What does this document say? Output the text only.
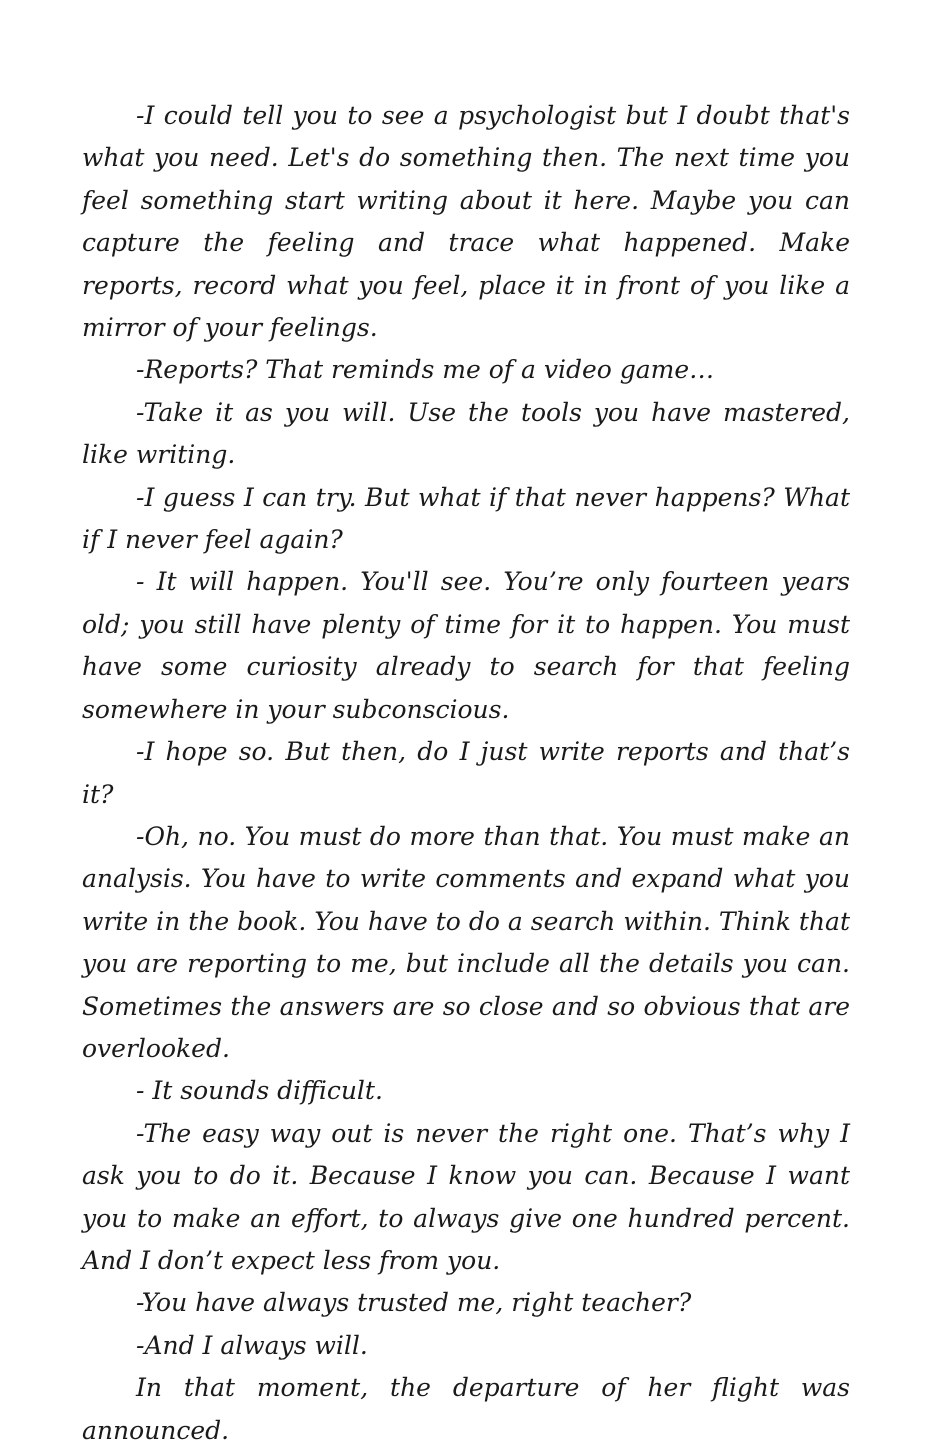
-I could tell you to see a psychologist but I doubt that's what you need. Let's do something then. The next time you feel something start writing about it here. Maybe you can capture the feeling and trace what happened. Make reports, record what you feel, place it in front of you like a mirror of your feelings.

-Reports? That reminds me of a video game…

-Take it as you will. Use the tools you have mastered, like writing.

-I guess I can try. But what if that never happens? What if I never feel again?

- It will happen. You'll see. You’re only fourteen years old; you still have plenty of time for it to happen. You must have some curiosity already to search for that feeling somewhere in your subconscious.

-I hope so. But then, do I just write reports and that’s it?

-Oh, no. You must do more than that. You must make an analysis. You have to write comments and expand what you write in the book. You have to do a search within. Think that you are reporting to me, but include all the details you can. Sometimes the answers are so close and so obvious that are overlooked.

- It sounds difficult.

-The easy way out is never the right one. That’s why I ask you to do it. Because I know you can. Because I want you to make an effort, to always give one hundred percent. And I don’t expect less from you.

-You have always trusted me, right teacher?

-And I always will.

In that moment, the departure of her flight was announced.
